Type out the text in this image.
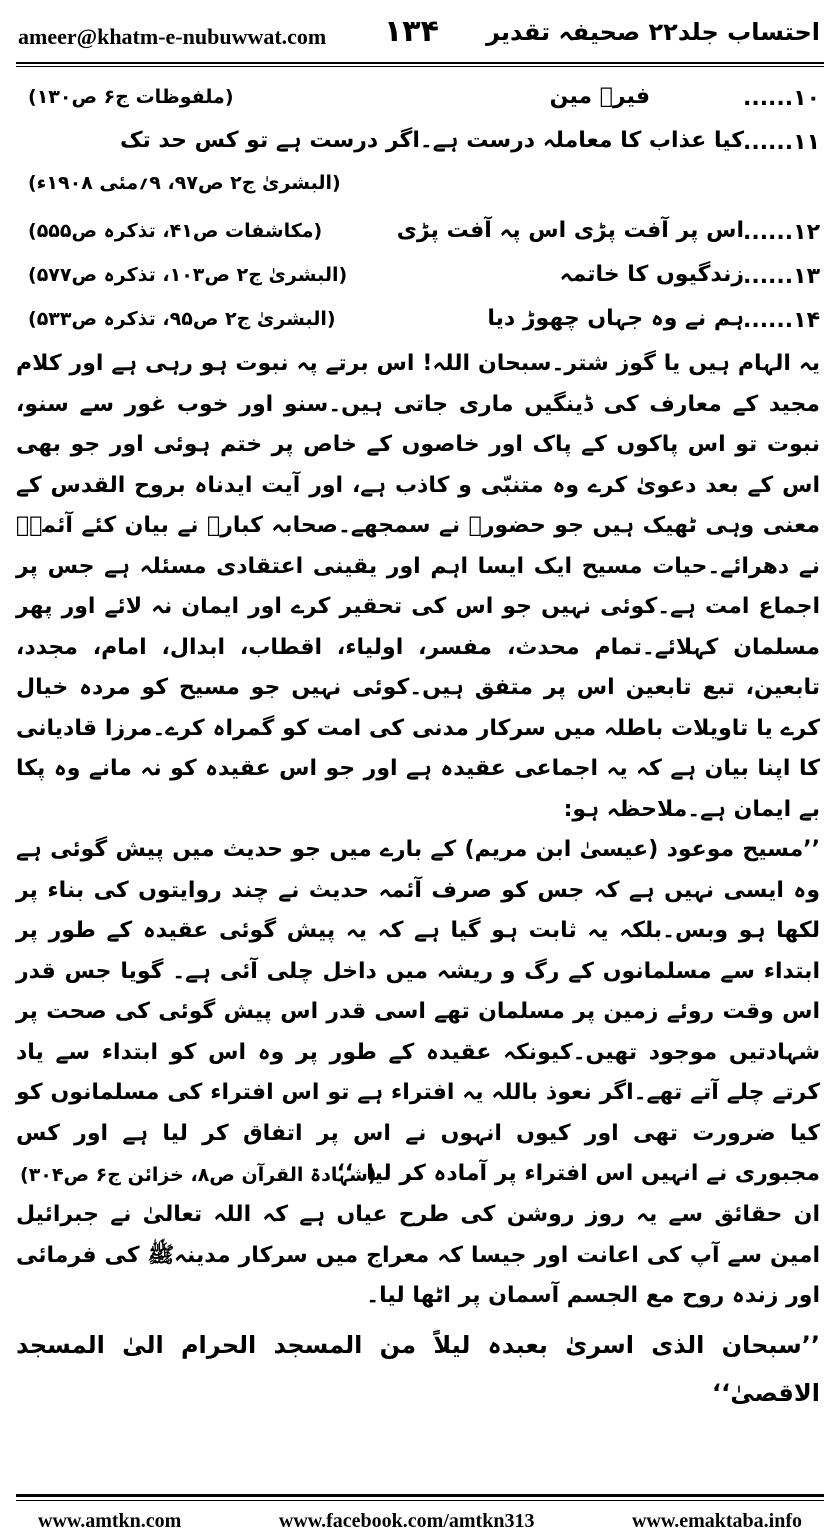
ameer@khatm-e-nubuwwat.com ۱۳۴ احتساب جلد۲۲ صحیفہ تقدیر
۱۰......
فیرؔ مین
(ملفوظات ج۶ ص۱۳۰)
۱۱......
کیا عذاب کا معاملہ درست ہے۔اگر درست ہے تو کس حد تک
(البشریٰ ج۲ ص۹۷، ۹؍مئی ۱۹۰۸ء)
۱۲......
اس پر آفت پڑی اس پہ آفت پڑی
(مکاشفات ص۴۱، تذکرہ ص۵۵۵)
۱۳......
زندگیوں کا خاتمہ
(البشریٰ ج۲ ص۱۰۳، تذکرہ ص۵۷۷)
۱۴......
ہم نے وہ جہاں چھوڑ دیا
(البشریٰ ج۲ ص۹۵، تذکرہ ص۵۳۳)

یہ الہام ہیں یا گوز شتر۔سبحان اللہ! اس برتے پہ نبوت ہو رہی ہے اور کلام مجید کے معارف کی ڈینگیں ماری جاتی ہیں۔سنو اور خوب غور سے سنو، نبوت تو اس پاکوں کے پاک اور خاصوں کے خاص پر ختم ہوئی اور جو بھی اس کے بعد دعویٰ کرے وہ متنبّی و کاذب ہے، اور آیت ایدناہ بروح القدس کے معنی وہی ٹھیک ہیں جو حضورﷺ نے سمجھے۔صحابہ کبارؓ نے بیان کئے آئمہؒ نے دھرائے۔حیات مسیح ایک ایسا اہم اور یقینی اعتقادی مسئلہ ہے جس پر اجماع امت ہے۔کوئی نہیں جو اس کی تحقیر کرے اور ایمان نہ لائے اور پھر مسلمان کہلائے۔تمام محدث، مفسر، اولیاء، اقطاب، ابدال، امام، مجدد، تابعین، تبع تابعین اس پر متفق ہیں۔کوئی نہیں جو مسیح کو مردہ خیال کرے یا تاویلات باطلہ میں سرکار مدنی کی امت کو گمراہ کرے۔مرزا قادیانی کا اپنا بیان ہے کہ یہ اجماعی عقیدہ ہے اور جو اس عقیدہ کو نہ مانے وہ پکا بے ایمان ہے۔ملاحظہ ہو:

’’مسیح موعود (عیسیٰ ابن مریم) کے بارے میں جو حدیث میں پیش گوئی ہے وہ ایسی نہیں ہے کہ جس کو صرف آئمہ حدیث نے چند روایتوں کی بناء پر لکھا ہو وبس۔بلکہ یہ ثابت ہو گیا ہے کہ یہ پیش گوئی عقیدہ کے طور پر ابتداء سے مسلمانوں کے رگ و ریشہ میں داخل چلی آئی ہے۔ گویا جس قدر اس وقت روئے زمین پر مسلمان تھے اسی قدر اس پیش گوئی کی صحت پر شہادتیں موجود تھیں۔کیونکہ عقیدہ کے طور پر وہ اس کو ابتداء سے یاد کرتے چلے آتے تھے۔اگر نعوذ باللہ یہ افتراء ہے تو اس افتراء کی مسلمانوں کو کیا ضرورت تھی اور کیوں انہوں نے اس پر اتفاق کر لیا ہے اور کس مجبوری نے انہیں اس افتراء پر آمادہ کر لیا۔‘‘

(شہادۃ القرآن ص۸، خزائن ج۶ ص۳۰۴)

ان حقائق سے یہ روز روشن کی طرح عیاں ہے کہ اللہ تعالیٰ نے جبرائیل امین سے آپ کی اعانت اور جیسا کہ معراج میں سرکار مدینہﷺ کی فرمائی اور زندہ روح مع الجسم آسمان پر اٹھا لیا۔

’’سبحان الذی اسریٰ بعبدہ لیلاً من المسجد الحرام الیٰ المسجد الاقصیٰ‘‘

www.amtkn.com	www.facebook.com/amtkn313	www.emaktaba.info
